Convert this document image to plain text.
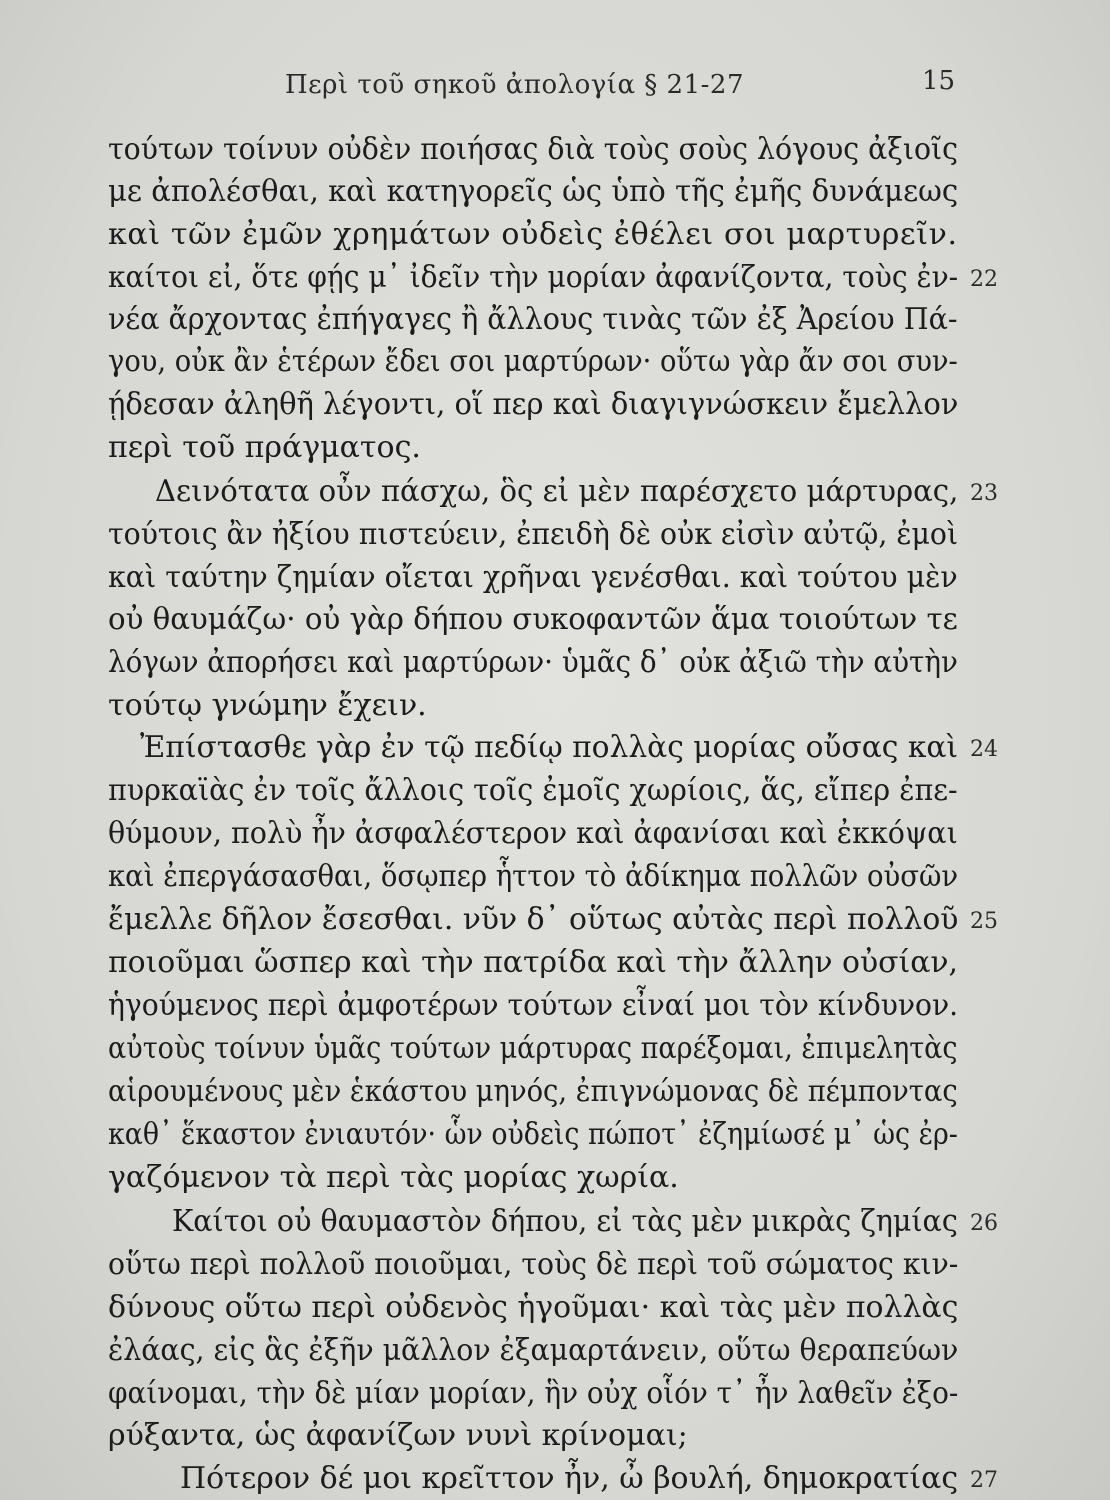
Περὶ τοῦ σηκοῦ ἀπολογία § 21-27	15
τούτων τοίνυν οὐδὲν ποιήσας διὰ τοὺς σοὺς λόγους ἀξιοῖς
με ἀπολέσθαι, καὶ κατηγορεῖς ὡς ὑπὸ τῆς ἐμῆς δυνάμεως
καὶ τῶν ἐμῶν χρημάτων οὐδεὶς ἐθέλει σοι μαρτυρεῖν.
καίτοι εἰ, ὅτε φῄς μ᾽ ἰδεῖν τὴν μορίαν ἀφανίζοντα, τοὺς ἐν- 22
νέα ἄρχοντας ἐπήγαγες ἢ ἄλλους τινὰς τῶν ἐξ Ἀρείου Πά-
γου, οὐκ ἂν ἑτέρων ἔδει σοι μαρτύρων· οὕτω γὰρ ἄν σοι συν-
ῄδεσαν ἀληθῆ λέγοντι, οἵ περ καὶ διαγιγνώσκειν ἔμελλον
περὶ τοῦ πράγματος.
Δεινότατα οὖν πάσχω, ὃς εἰ μὲν παρέσχετο μάρτυρας, 23
τούτοις ἂν ἠξίου πιστεύειν, ἐπειδὴ δὲ οὐκ εἰσὶν αὐτῷ, ἐμοὶ
καὶ ταύτην ζημίαν οἴεται χρῆναι γενέσθαι. καὶ τούτου μὲν
οὐ θαυμάζω· οὐ γὰρ δήπου συκοφαντῶν ἅμα τοιούτων τε
λόγων ἀπορήσει καὶ μαρτύρων· ὑμᾶς δ᾽ οὐκ ἀξιῶ τὴν αὐτὴν
τούτῳ γνώμην ἔχειν.
Ἐπίστασθε γὰρ ἐν τῷ πεδίῳ πολλὰς μορίας οὔσας καὶ 24
πυρκαϊὰς ἐν τοῖς ἄλλοις τοῖς ἐμοῖς χωρίοις, ἅς, εἴπερ ἐπε-
θύμουν, πολὺ ἦν ἀσφαλέστερον καὶ ἀφανίσαι καὶ ἐκκόψαι
καὶ ἐπεργάσασθαι, ὅσῳπερ ἧττον τὸ ἀδίκημα πολλῶν οὐσῶν
ἔμελλε δῆλον ἔσεσθαι. νῦν δ᾽ οὕτως αὐτὰς περὶ πολλοῦ 25
ποιοῦμαι ὥσπερ καὶ τὴν πατρίδα καὶ τὴν ἄλλην οὐσίαν,
ἡγούμενος περὶ ἀμφοτέρων τούτων εἶναί μοι τὸν κίνδυνον.
αὐτοὺς τοίνυν ὑμᾶς τούτων μάρτυρας παρέξομαι, ἐπιμελητὰς
αἱρουμένους μὲν ἑκάστου μηνός, ἐπιγνώμονας δὲ πέμποντας
καθ᾽ ἕκαστον ἐνιαυτόν· ὧν οὐδεὶς πώποτ᾽ ἐζημίωσέ μ᾽ ὡς ἐρ-
γαζόμενον τὰ περὶ τὰς μορίας χωρία.
Καίτοι οὐ θαυμαστὸν δήπου, εἰ τὰς μὲν μικρὰς ζημίας 26
οὕτω περὶ πολλοῦ ποιοῦμαι, τοὺς δὲ περὶ τοῦ σώματος κιν-
δύνους οὕτω περὶ οὐδενὸς ἡγοῦμαι· καὶ τὰς μὲν πολλὰς
ἐλάας, εἰς ἃς ἐξῆν μᾶλλον ἐξαμαρτάνειν, οὕτω θεραπεύων
φαίνομαι, τὴν δὲ μίαν μορίαν, ἣν οὐχ οἷόν τ᾽ ἦν λαθεῖν ἐξο-
ρύξαντα, ὡς ἀφανίζων νυνὶ κρίνομαι;
Πότερον δέ μοι κρεῖττον ἦν, ὦ βουλή, δημοκρατίας 27
